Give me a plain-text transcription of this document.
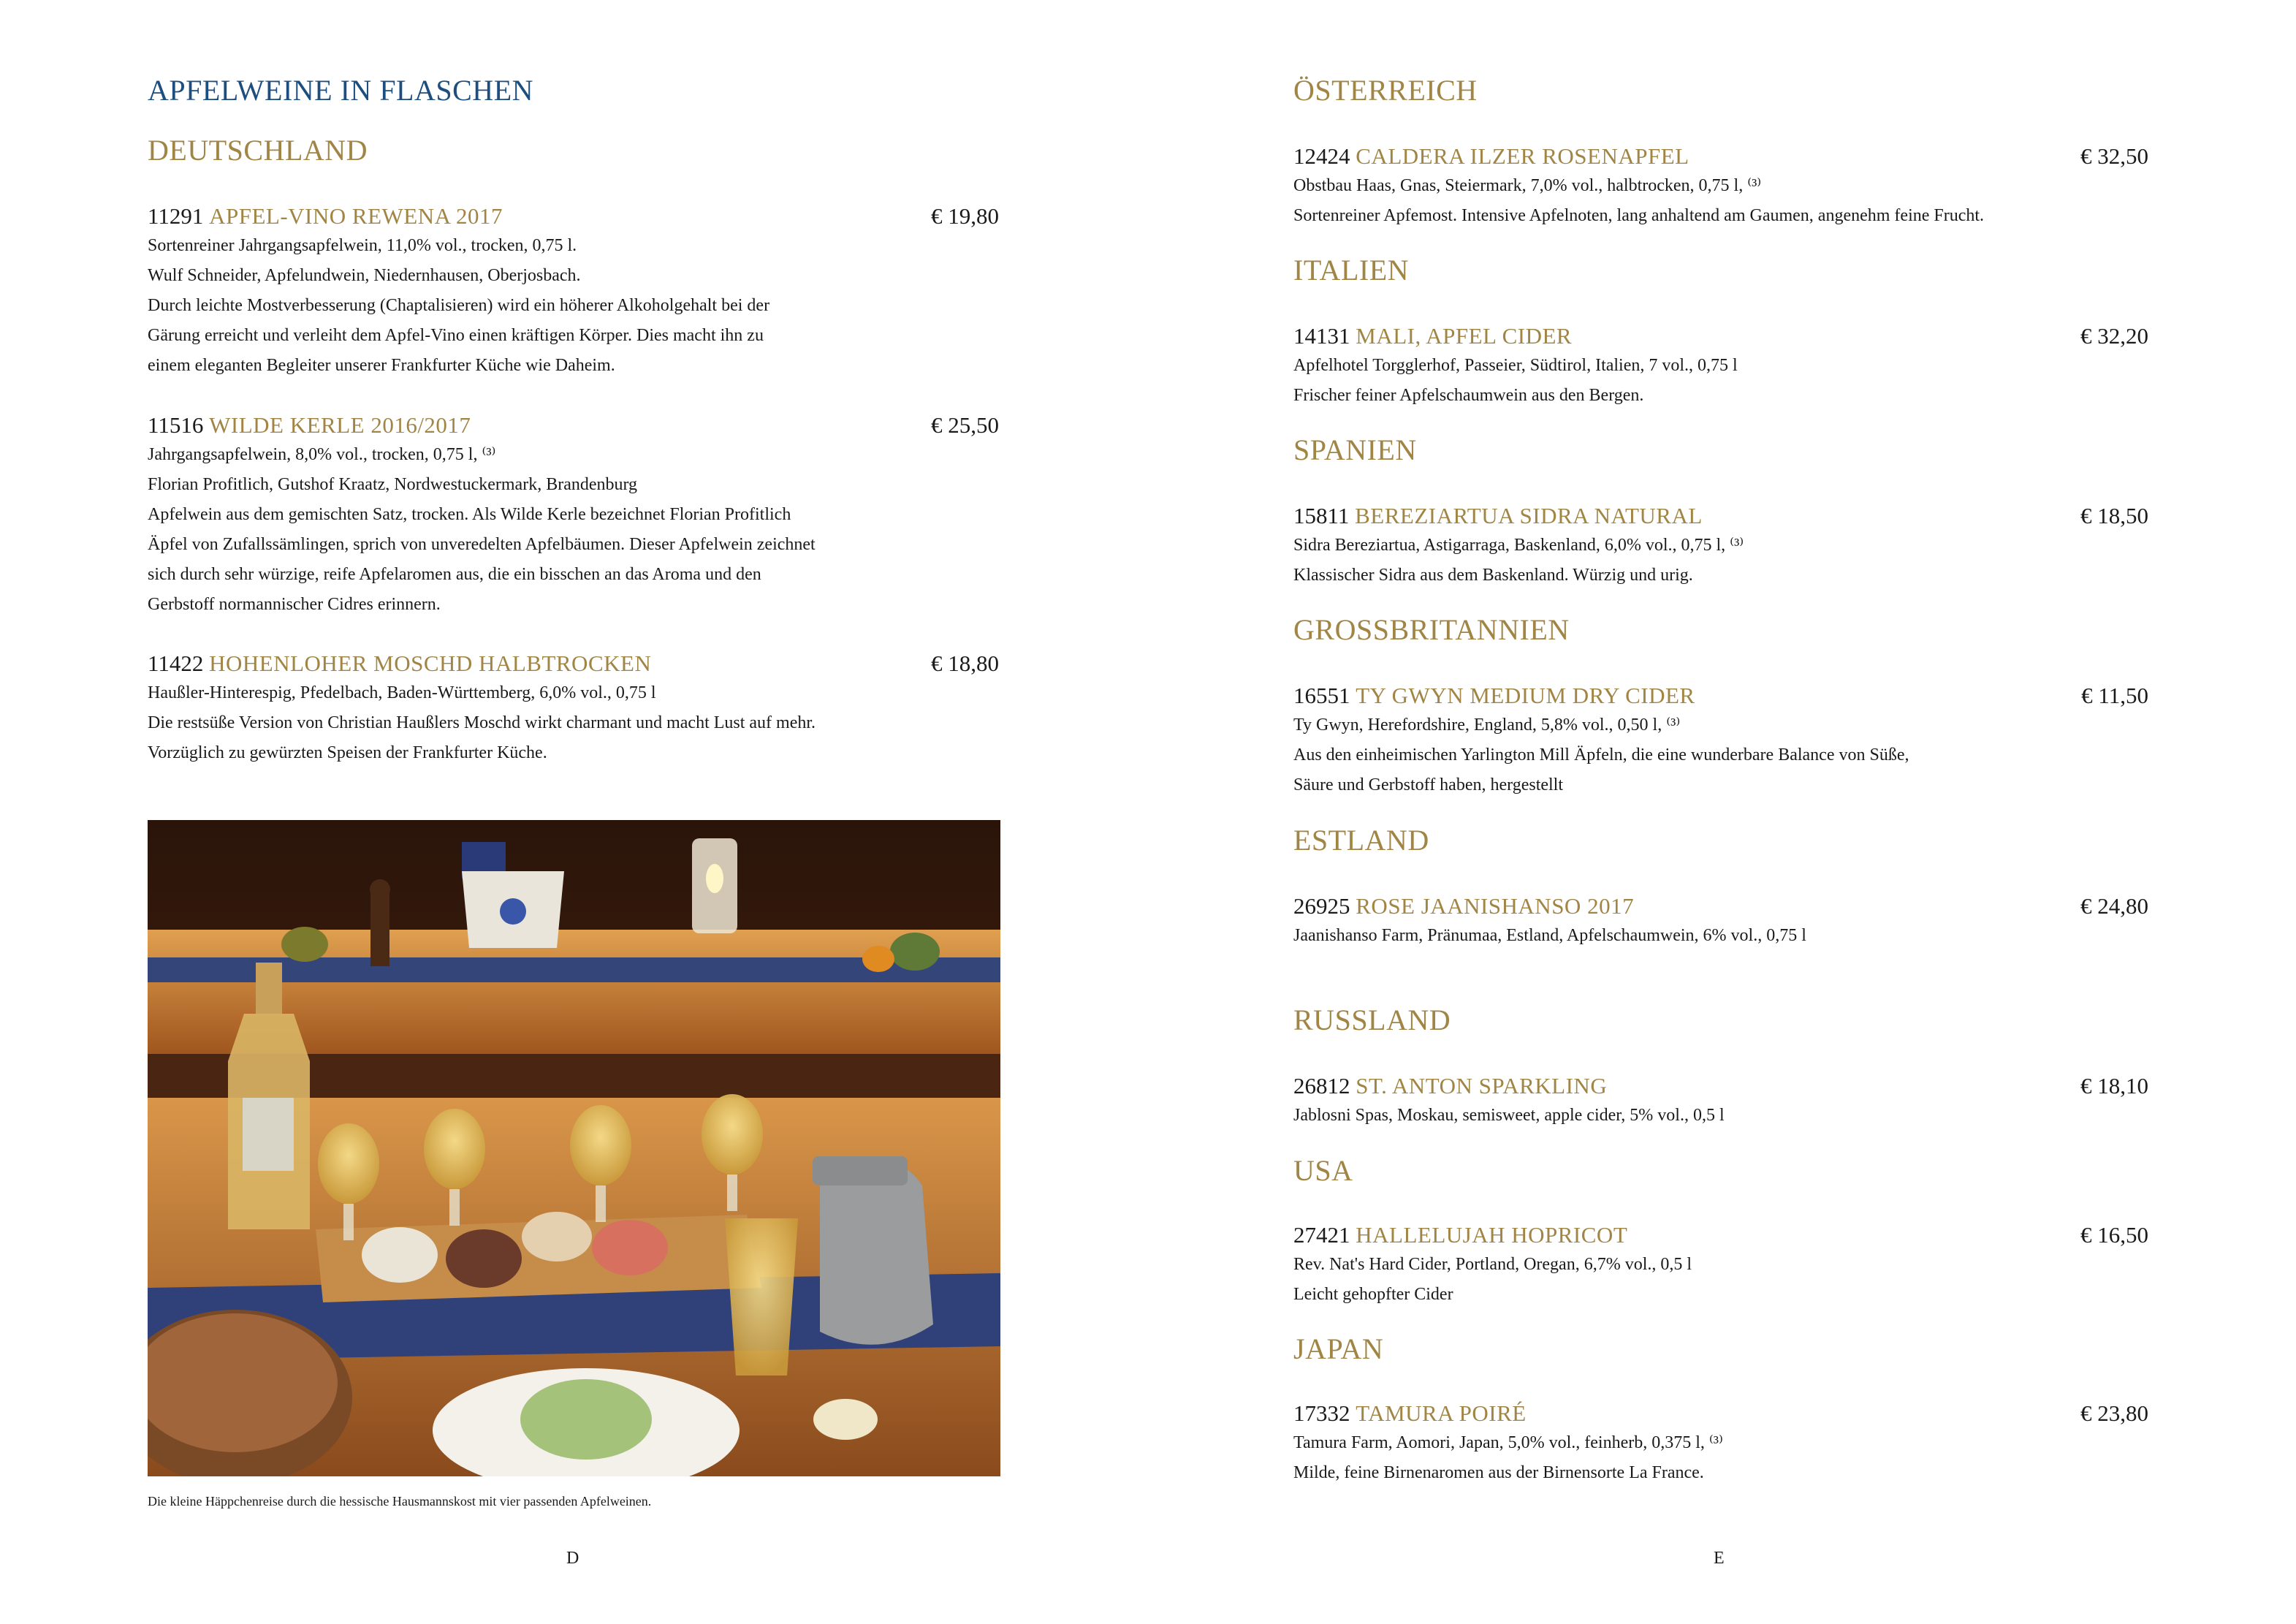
APFELWEINE IN FLASCHEN
DEUTSCHLAND
11291 APFEL-VINO REWENA 2017	€ 19,80
Sortenreiner Jahrgangsapfelwein, 11,0% vol., trocken, 0,75 l.
Wulf Schneider, Apfelundwein, Niedernhausen, Oberjosbach.
Durch leichte Mostverbesserung (Chaptalisieren) wird ein höherer Alkoholgehalt bei der
Gärung erreicht und verleiht dem Apfel-Vino einen kräftigen Körper. Dies macht ihn zu
einem eleganten Begleiter unserer Frankfurter Küche wie Daheim.
11516 WILDE KERLE 2016/2017	€ 25,50
Jahrgangsapfelwein, 8,0% vol., trocken, 0,75 l, ⁽³⁾
Florian Profitlich, Gutshof Kraatz, Nordwestuckermark, Brandenburg
Apfelwein aus dem gemischten Satz, trocken. Als Wilde Kerle bezeichnet Florian Profitlich
Äpfel von Zufallssämlingen, sprich von unveredelten Apfelbäumen. Dieser Apfelwein zeichnet
sich durch sehr würzige, reife Apfelaromen aus, die ein bisschen an das Aroma und den
Gerbstoff normannischer Cidres erinnern.
11422 HOHENLOHER MOSCHD HALBTROCKEN	€ 18,80
Haußler-Hinterespig, Pfedelbach, Baden-Württemberg, 6,0% vol., 0,75 l
Die restsüße Version von Christian Haußlers Moschd wirkt charmant und macht Lust auf mehr.
Vorzüglich zu gewürzten Speisen der Frankfurter Küche.
Die kleine Häppchenreise durch die hessische Hausmannskost mit vier passenden Apfelweinen.
D
ÖSTERREICH
12424 CALDERA ILZER ROSENAPFEL	€ 32,50
Obstbau Haas, Gnas, Steiermark, 7,0% vol., halbtrocken, 0,75 l, ⁽³⁾
Sortenreiner Apfemost. Intensive Apfelnoten, lang anhaltend am Gaumen, angenehm feine Frucht.
ITALIEN
14131 MALI, APFEL CIDER	€ 32,20
Apfelhotel Torgglerhof, Passeier, Südtirol, Italien, 7 vol., 0,75 l
Frischer feiner Apfelschaumwein aus den Bergen.
SPANIEN
15811 BEREZIARTUA SIDRA NATURAL	€ 18,50
Sidra Bereziartua, Astigarraga, Baskenland, 6,0% vol., 0,75 l, ⁽³⁾
Klassischer Sidra aus dem Baskenland. Würzig und urig.
GROSSBRITANNIEN
16551 TY GWYN MEDIUM DRY CIDER	€ 11,50
Ty Gwyn, Herefordshire, England, 5,8% vol., 0,50 l, ⁽³⁾
Aus den einheimischen Yarlington Mill Äpfeln, die eine wunderbare Balance von Süße,
Säure und Gerbstoff haben, hergestellt
ESTLAND
26925 ROSE JAANISHANSO 2017	€ 24,80
Jaanishanso Farm, Pränumaa, Estland, Apfelschaumwein, 6% vol., 0,75 l
RUSSLAND
26812 ST. ANTON SPARKLING	€ 18,10
Jablosni Spas, Moskau, semisweet, apple cider, 5% vol., 0,5 l
USA
27421 HALLELUJAH HOPRICOT	€ 16,50
Rev. Nat's Hard Cider, Portland, Oregan, 6,7% vol., 0,5 l
Leicht gehopfter Cider
JAPAN
17332 TAMURA POIRÉ	€ 23,80
Tamura Farm, Aomori, Japan, 5,0% vol., feinherb, 0,375 l, ⁽³⁾
Milde, feine Birnenaromen aus der Birnensorte La France.
E
